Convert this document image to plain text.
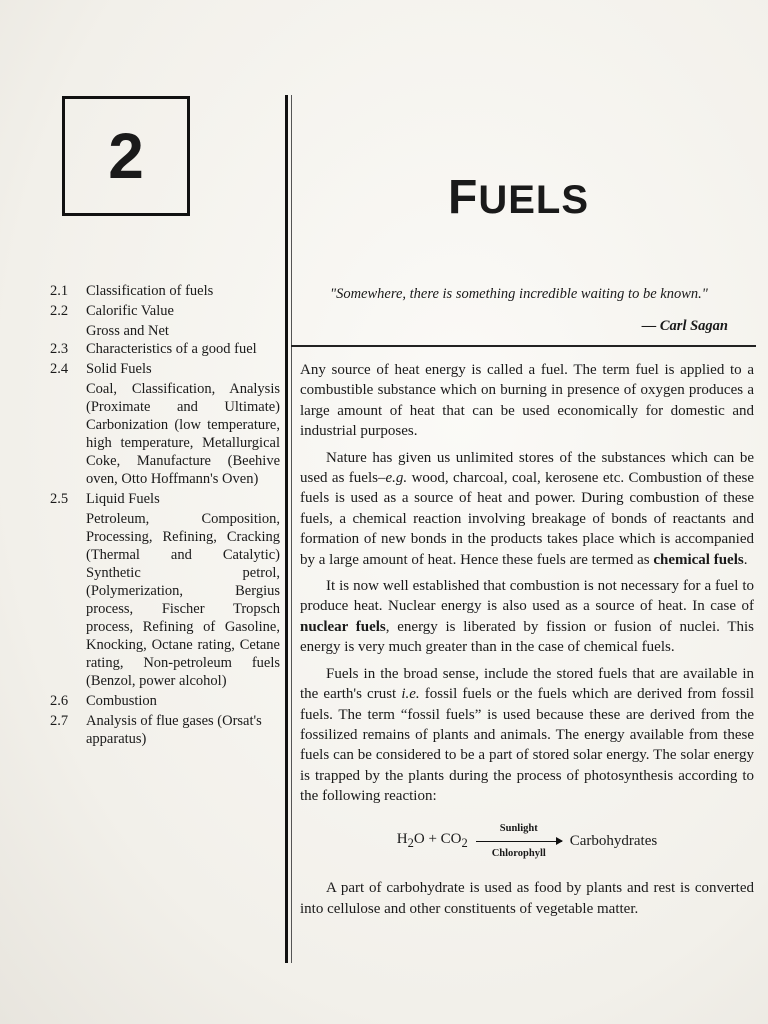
2
FUELS
2.1	Classification of fuels
2.2	Calorific Value
Gross and Net
2.3	Characteristics of a good fuel
2.4	Solid Fuels
Coal, Classification, Analysis (Proximate and Ultimate) Carbonization (low temperature, high temperature, Metallurgical Coke, Manufacture (Beehive oven, Otto Hoffmann's Oven)
2.5	Liquid Fuels
Petroleum, Composition, Processing, Refining, Cracking (Thermal and Catalytic) Synthetic petrol, (Polymerization, Bergius process, Fischer Tropsch process, Refining of Gasoline, Knocking, Octane rating, Cetane rating, Non-petroleum fuels (Benzol, power alcohol)
2.6	Combustion
2.7	Analysis of flue gases (Orsat's apparatus)
"Somewhere, there is something incredible waiting to be known."
— Carl Sagan

Any source of heat energy is called a fuel. The term fuel is applied to a combustible substance which on burning in presence of oxygen produces a large amount of heat that can be used economically for domestic and industrial purposes.

Nature has given us unlimited stores of the substances which can be used as fuels–e.g. wood, charcoal, coal, kerosene etc. Combustion of these fuels is used as a source of heat and power. During combustion of these fuels, a chemical reaction involving breakage of bonds of reactants and formation of new bonds in the products takes place which is accompanied by a large amount of heat. Hence these fuels are termed as chemical fuels.

It is now well established that combustion is not necessary for a fuel to produce heat. Nuclear energy is also used as a source of heat. In case of nuclear fuels, energy is liberated by fission or fusion of nuclei. This energy is very much greater than in the case of chemical fuels.

Fuels in the broad sense, include the stored fuels that are available in the earth's crust i.e. fossil fuels or the fuels which are derived from fossil fuels. The term “fossil fuels” is used because these are derived from the fossilized remains of plants and animals. The energy available from these fuels can be considered to be a part of stored solar energy. The solar energy is trapped by the plants during the process of photosynthesis according to the following reaction:

$H_2O + CO_2$
Sunlight
Chlorophyll
Carbohydrates

A part of carbohydrate is used as food by plants and rest is converted into cellulose and other constituents of vegetable matter.
